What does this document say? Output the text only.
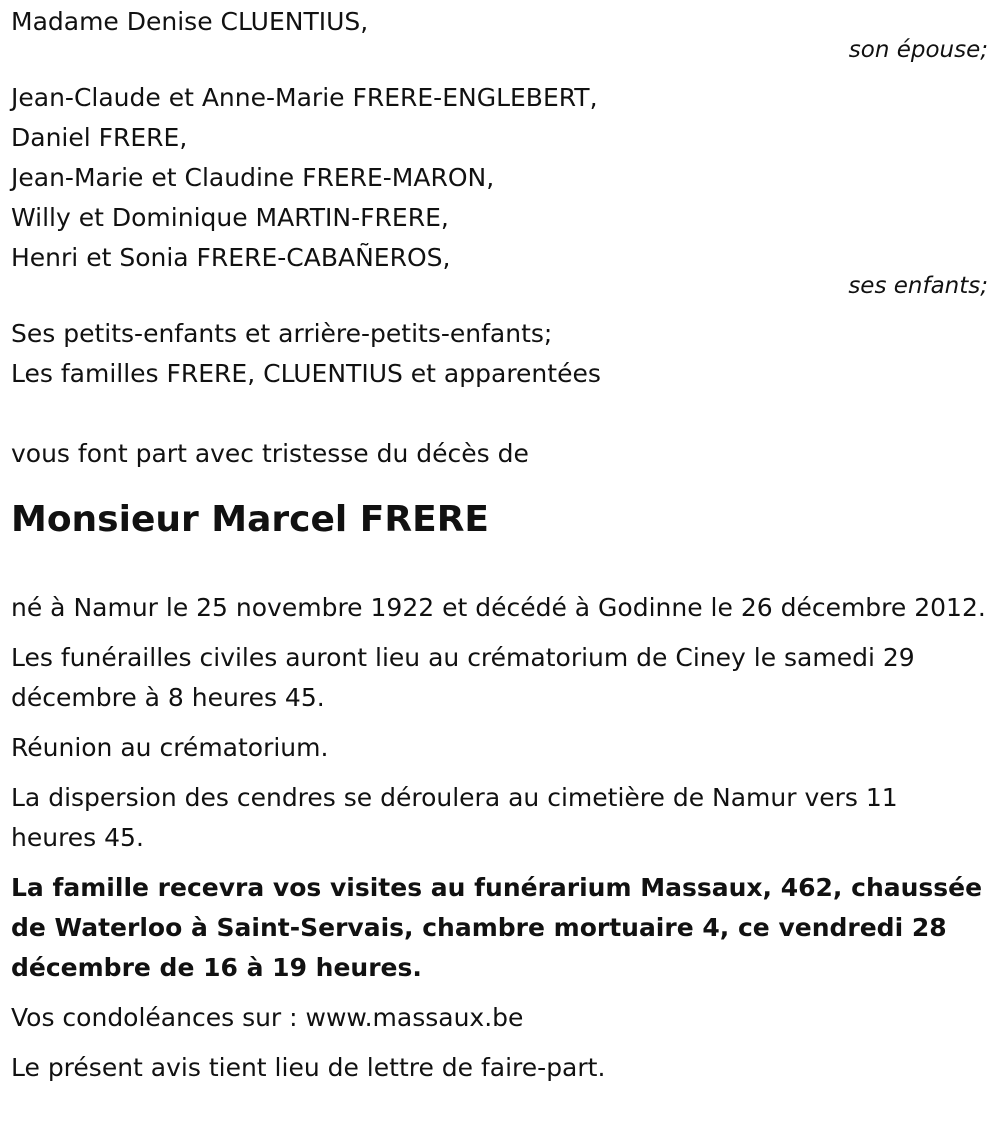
Madame Denise CLUENTIUS,
son épouse;
Jean-Claude et Anne-Marie FRERE-ENGLEBERT,
Daniel FRERE,
Jean-Marie et Claudine FRERE-MARON,
Willy et Dominique MARTIN-FRERE,
Henri et Sonia FRERE-CABAÑEROS,
ses enfants;
Ses petits-enfants et arrière-petits-enfants;
Les familles FRERE, CLUENTIUS et apparentées
vous font part avec tristesse du décès de
Monsieur Marcel FRERE
né à Namur le 25 novembre 1922 et décédé à Godinne le 26 décembre 2012.
Les funérailles civiles auront lieu au crématorium de Ciney le samedi 29 décembre à 8 heures 45.
Réunion au crématorium.
La dispersion des cendres se déroulera au cimetière de Namur vers 11 heures 45.
La famille recevra vos visites au funérarium Massaux, 462, chaussée de Waterloo à Saint-Servais, chambre mortuaire 4, ce vendredi 28 décembre de 16 à 19 heures.
Vos condoléances sur : www.massaux.be
Le présent avis tient lieu de lettre de faire-part.
